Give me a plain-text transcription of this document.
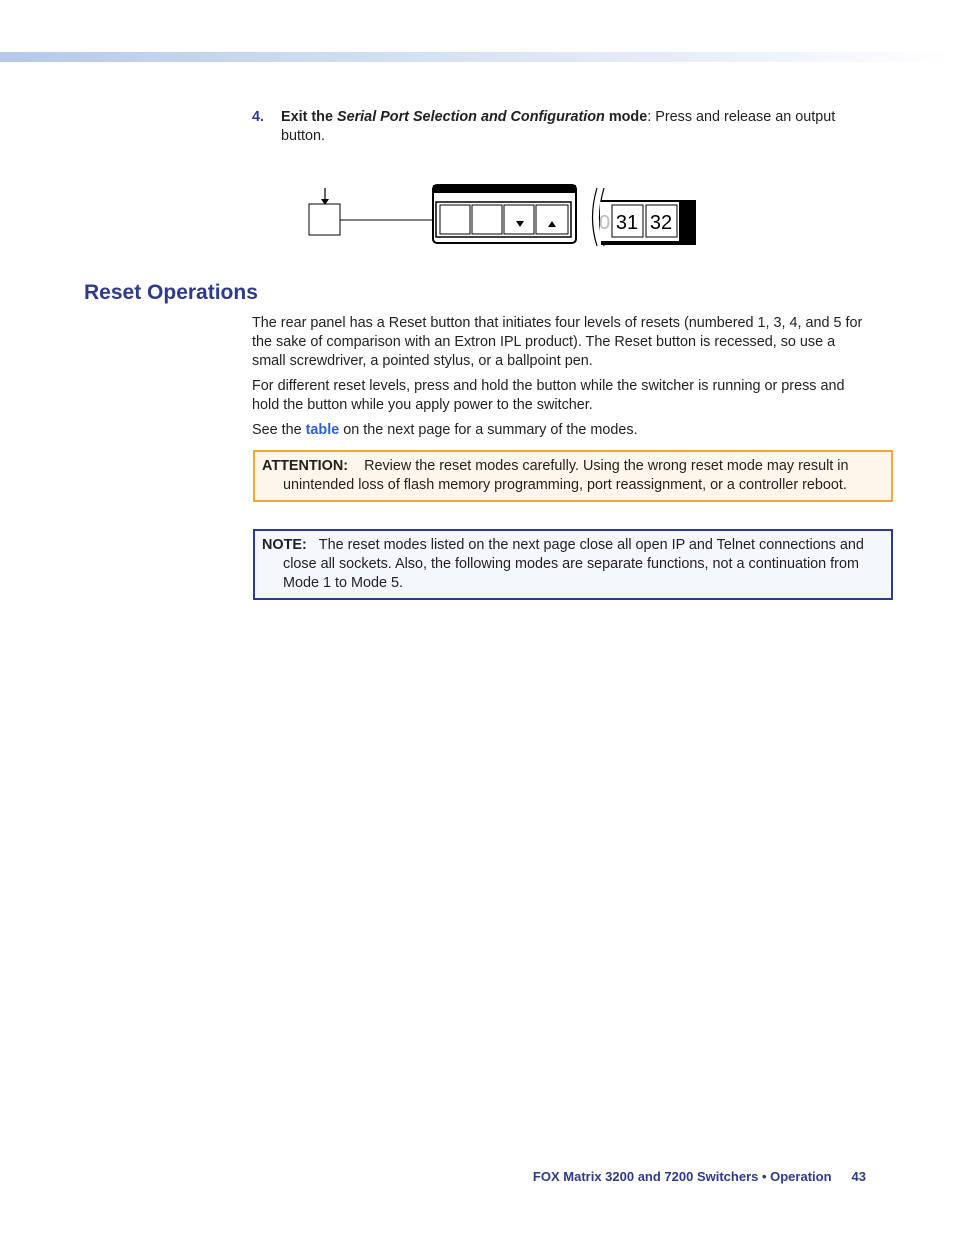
4. Exit the Serial Port Selection and Configuration mode: Press and release an output button.
0 31 32
Reset Operations

The rear panel has a Reset button that initiates four levels of resets (numbered 1, 3, 4, and 5 for the sake of comparison with an Extron IPL product). The Reset button is recessed, so use a small screwdriver, a pointed stylus, or a ballpoint pen.

For different reset levels, press and hold the button while the switcher is running or press and hold the button while you apply power to the switcher.

See the table on the next page for a summary of the modes.

ATTENTION: Review the reset modes carefully. Using the wrong reset mode may result in unintended loss of flash memory programming, port reassignment, or a controller reboot.
NOTE: The reset modes listed on the next page close all open IP and Telnet connections and close all sockets. Also, the following modes are separate functions, not a continuation from Mode 1 to Mode 5.
FOX Matrix 3200 and 7200 Switchers • Operation 43
